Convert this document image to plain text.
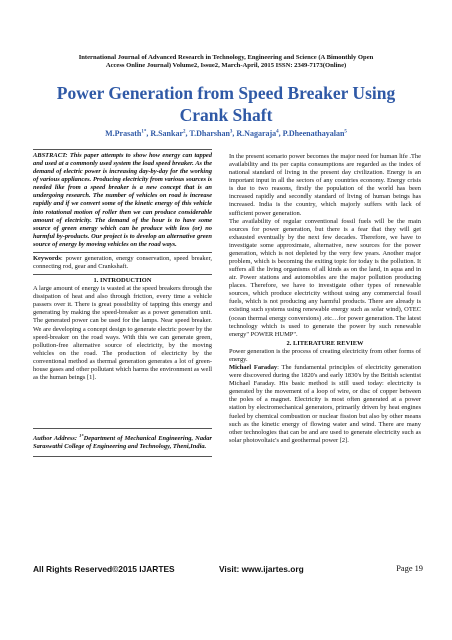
International Journal of Advanced Research in Technology, Engineering and Science (A Bimonthly Open
Access Online Journal) Volume2, Issue2, March-April, 2015 ISSN: 2349-7173(Online)
Power Generation from Speed Breaker Using
Crank Shaft
M.Prasath$^{1*}$, R.Sankar$^2$, T.Dharshan$^3$, R.Nagaraja$^4$, P.Dheenathayalan$^5$

ABSTRACT: This paper attempts to show how energy can tapped and used at a commonly used system the load speed breaker. As the demand of electric power is increasing day-by-day for the working of various appliances. Producing electricity from various sources is needed like from a speed breaker is a new concept that is an undergoing research. The number of vehicles on road is increase rapidly and if we convert some of the kinetic energy of this vehicle into rotational motion of roller then we can produce considerable amount of electricity. The demand of the hour is to have some source of green energy which can be produce with less (or) no harmful by-products. Our project is to develop an alternative green source of energy by moving vehicles on the road ways.

Keywords: power generation, energy conservation, speed breaker, connecting rod, gear and Crankshaft.

1. INTRODUCTION

A large amount of energy is wasted at the speed breakers through the dissipation of heat and also through friction, every time a vehicle passers over it. There is great possibility of tapping this energy and generating by making the speed-breaker as a power generation unit. The generated power can be used for the lamps. Near speed breaker. We are developing a concept design to generate electric power by the speed-breaker on the road ways. With this we can generate green, pollution-free alternative source of electricity, by the moving vehicles on the road. The production of electricity by the conventional method as thermal generation generates a lot of green-house gases and other pollutant which harms the environment as well as the human beings [1].

Author Address: $^{1*}$Department of Mechanical Engineering, Nadar Saraswathi College of Engineering and Technology, Theni,India.

In the present scenario power becomes the major need for human life .The availability and its per capita consumptions are regarded as the index of national standard of living in the present day civilization. Energy is an important input in all the sectors of any countries economy. Energy crisis is due to two reasons, firstly the population of the world has been increased rapidly and secondly standard of living of human beings has increased. India is the country, which majorly suffers with lack of sufficient power generation.

The availability of regular conventional fossil fuels will be the main sources for power generation, but there is a fear that they will get exhausted eventually by the next few decades. Therefore, we have to investigate some approximate, alternative, new sources for the power generation, which is not depleted by the very few years. Another major problem, which is becoming the exiting topic for today is the pollution. It suffers all the living organisms of all kinds as on the land, in aqua and in air. Power stations and automobiles are the major pollution producing places. Therefore, we have to investigate other types of renewable sources, which produce electricity without using any commercial fossil fuels, which is not producing any harmful products. There are already is existing such systems using renewable energy such as solar wind), OTEC (ocean thermal energy conversions) .etc…for power generation. The latest technology which is used to generate the power by such renewable energy" POWER HUMP".

2. LITERATURE REVIEW

Power generation is the process of creating electricity from other forms of energy.

Michael Faraday: The fundamental principles of electricity generation were discovered during the 1820's and early 1830's by the British scientist Michael Faraday. His basic method is still used today: electricity is generated by the movement of a loop of wire, or disc of copper between the poles of a magnet. Electricity is most often generated at a power station by electromechanical generators, primarily driven by heat engines fueled by chemical combustion or nuclear fission but also by other means such as the kinetic energy of flowing water and wind. There are many other technologies that can be and are used to generate electricity such as solar photovoltaic's and geothermal power [2].

All Rights Reserved©2015 IJARTES	Visit: www.ijartes.org	Page 19
